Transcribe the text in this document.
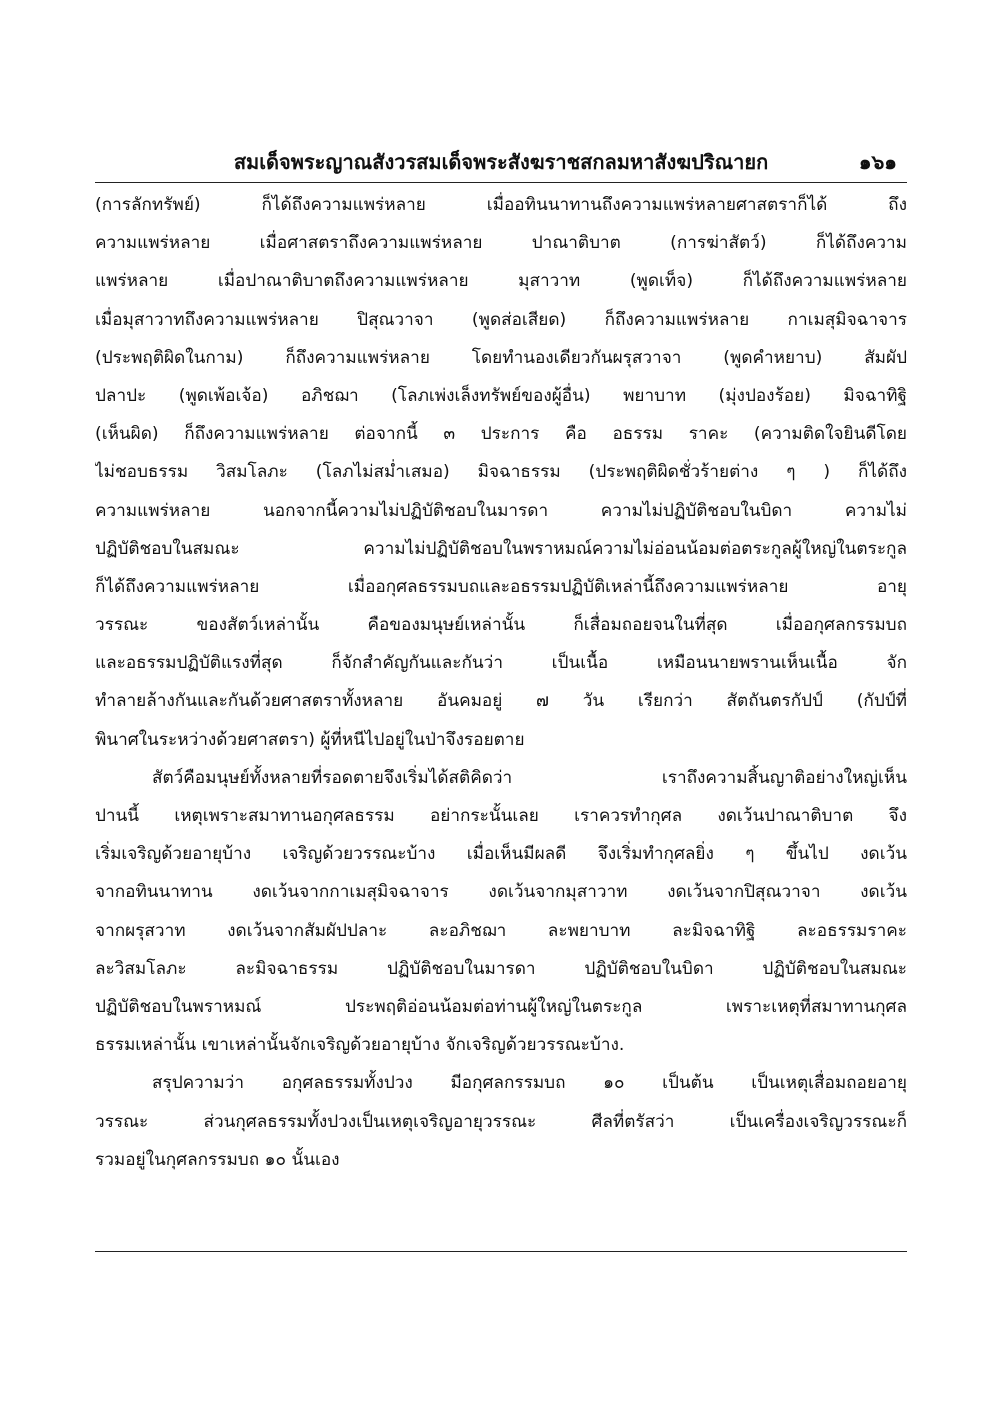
สมเด็จพระญาณสังวรสมเด็จพระสังฆราชสกลมหาสังฆปริณายก	๑๖๑
(การลักทรัพย์) ก็ได้ถึงความแพร่หลาย เมื่ออทินนาทานถึงความแพร่หลายศาสตราก็ได้ ถึง
ความแพร่หลาย เมื่อศาสตราถึงความแพร่หลาย ปาณาติบาต (การฆ่าสัตว์) ก็ได้ถึงความ
แพร่หลาย เมื่อปาณาติบาตถึงความแพร่หลาย มุสาวาท (พูดเท็จ) ก็ได้ถึงความแพร่หลาย
เมื่อมุสาวาทถึงความแพร่หลาย ปิสุณวาจา (พูดส่อเสียด) ก็ถึงความแพร่หลาย กาเมสุมิจฉาจาร
(ประพฤติผิดในกาม) ก็ถึงความแพร่หลาย โดยทำนองเดียวกันผรุสวาจา (พูดคำหยาบ) สัมผัป
ปลาปะ (พูดเพ้อเจ้อ) อภิชฌา (โลภเพ่งเล็งทรัพย์ของผู้อื่น) พยาบาท (มุ่งปองร้อย) มิจฉาทิฐิ
(เห็นผิด) ก็ถึงความแพร่หลาย ต่อจากนี้ ๓ ประการ คือ อธรรม ราคะ (ความติดใจยินดีโดย
ไม่ชอบธรรม วิสมโลภะ (โลภไม่สม่ำเสมอ) มิจฉาธรรม (ประพฤติผิดชั่วร้ายต่าง ๆ ) ก็ได้ถึง
ความแพร่หลาย นอกจากนี้ความไม่ปฏิบัติชอบในมารดา ความไม่ปฏิบัติชอบในบิดา ความไม่
ปฏิบัติชอบในสมณะ ความไม่ปฏิบัติชอบในพราหมณ์ความไม่อ่อนน้อมต่อตระกูลผู้ใหญ่ในตระกูล
ก็ได้ถึงความแพร่หลาย เมื่ออกุศลธรรมบถและอธรรมปฏิบัติเหล่านี้ถึงความแพร่หลาย อายุ
วรรณะ ของสัตว์เหล่านั้น คือของมนุษย์เหล่านั้น ก็เสื่อมถอยจนในที่สุด เมื่ออกุศลกรรมบถ
และอธรรมปฏิบัติแรงที่สุด ก็จักสำคัญกันและกันว่า เป็นเนื้อ เหมือนนายพรานเห็นเนื้อ จัก
ทำลายล้างกันและกันด้วยศาสตราทั้งหลาย อันคมอยู่ ๗ วัน เรียกว่า สัตถันตรกัปป์ (กัปป์ที่
พินาศในระหว่างด้วยศาสตรา) ผู้ที่หนีไปอยู่ในป่าจึงรอยตาย
สัตว์คือมนุษย์ทั้งหลายที่รอดตายจึงเริ่มได้สติคิดว่า เราถึงความสิ้นญาติอย่างใหญ่เห็น
ปานนี้ เหตุเพราะสมาทานอกุศลธรรม อย่ากระนั้นเลย เราควรทำกุศล งดเว้นปาณาติบาต จึง
เริ่มเจริญด้วยอายุบ้าง เจริญด้วยวรรณะบ้าง เมื่อเห็นมีผลดี จึงเริ่มทำกุศลยิ่ง ๆ ขึ้นไป งดเว้น
จากอทินนาทาน งดเว้นจากกาเมสุมิจฉาจาร งดเว้นจากมุสาวาท งดเว้นจากปิสุณวาจา งดเว้น
จากผรุสวาท งดเว้นจากสัมผัปปลาะ ละอภิชฌา ละพยาบาท ละมิจฉาทิฐิ ละอธรรมราคะ
ละวิสมโลภะ ละมิจฉาธรรม ปฏิบัติชอบในมารดา ปฏิบัติชอบในบิดา ปฏิบัติชอบในสมณะ
ปฏิบัติชอบในพราหมณ์ ประพฤติอ่อนน้อมต่อท่านผู้ใหญ่ในตระกูล เพราะเหตุที่สมาทานกุศล
ธรรมเหล่านั้น เขาเหล่านั้นจักเจริญด้วยอายุบ้าง จักเจริญด้วยวรรณะบ้าง.
สรุปความว่า อกุศลธรรมทั้งปวง มีอกุศลกรรมบถ ๑๐ เป็นต้น เป็นเหตุเสื่อมถอยอายุ
วรรณะ ส่วนกุศลธรรมทั้งปวงเป็นเหตุเจริญอายุวรรณะ ศีลที่ตรัสว่า เป็นเครื่องเจริญวรรณะก็
รวมอยู่ในกุศลกรรมบถ ๑๐ นั้นเอง
